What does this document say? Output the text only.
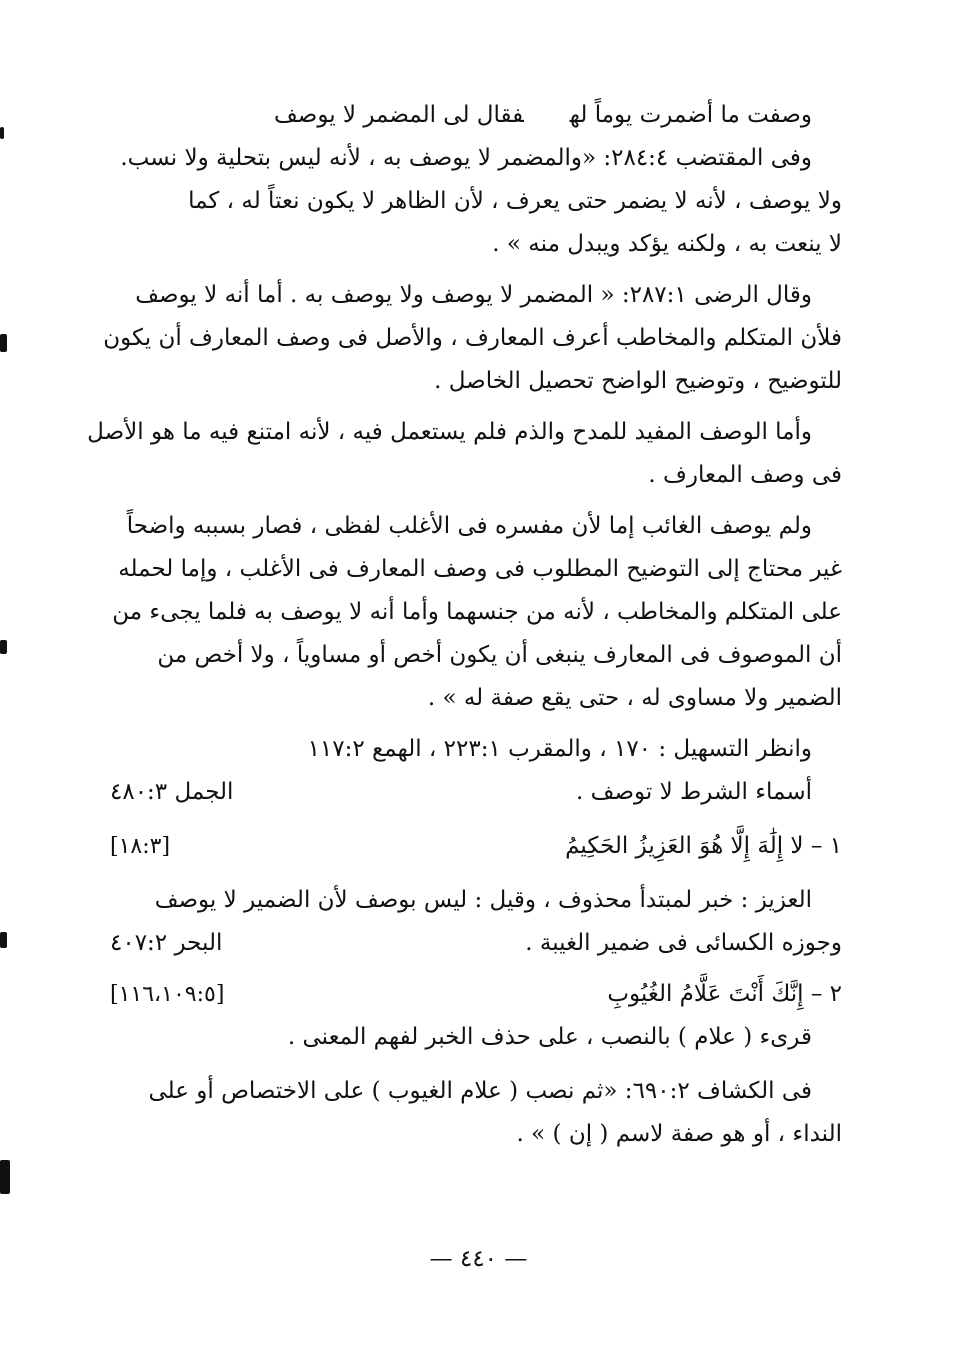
وصفت ما أضمرت يوماً لهفقال لى المضمر لا يوصف
وفى المقتضب ٢٨٤:٤: «والمضمر لا يوصف به ، لأنه ليس بتحلية ولا نسب.
ولا يوصف ، لأنه لا يضمر حتى يعرف ، لأن الظاهر لا يكون نعتاً له ، كما
لا ينعت به ، ولكنه يؤكد ويبدل منه » .
وقال الرضى ٢٨٧:١: « المضمر لا يوصف ولا يوصف به . أما أنه لا يوصف
فلأن المتكلم والمخاطب أعرف المعارف ، والأصل فى وصف المعارف أن يكون
للتوضيح ، وتوضيح الواضح تحصيل الخاصل .
وأما الوصف المفيد للمدح والذم فلم يستعمل فيه ، لأنه امتنع فيه ما هو الأصل
فى وصف المعارف .
ولم يوصف الغائب إما لأن مفسره فى الأغلب لفظى ، فصار بسببه واضحاً
غير محتاج إلى التوضيح المطلوب فى وصف المعارف فى الأغلب ، وإما لحمله
على المتكلم والمخاطب ، لأنه من جنسهما وأما أنه لا يوصف به فلما يجىء من
أن الموصوف فى المعارف ينبغى أن يكون أخص أو مساوياً ، ولا أخص من
الضمير ولا مساوى له ، حتى يقع صفة له » .
وانظر التسهيل : ١٧٠ ، والمقرب ٢٢٣:١ ، الهمع ١١٧:٢
أسماء الشرط لا توصف .
الجمل ٤٨٠:٣
١ – لا إِلَٰهَ إِلَّا هُوَ العَزِيزُ الحَكِيمُ
[١٨:٣]
العزيز : خبر لمبتدأ محذوف ، وقيل : ليس بوصف لأن الضمير لا يوصف
وجوزه الكسائى فى ضمير الغيبة .
البحر ٤٠٧:٢
٢ – إِنَّكَ أَنْتَ عَلَّامُ الغُيُوبِ
[١١٦،١٠٩:٥]
قرىء ( علام ) بالنصب ، على حذف الخبر لفهم المعنى .
فى الكشاف ٦٩٠:٢: «ثم نصب ( علام الغيوب ) على الاختصاص أو على
النداء ، أو هو صفة لاسم ( إن ) » .
— ٤٤٠ —
